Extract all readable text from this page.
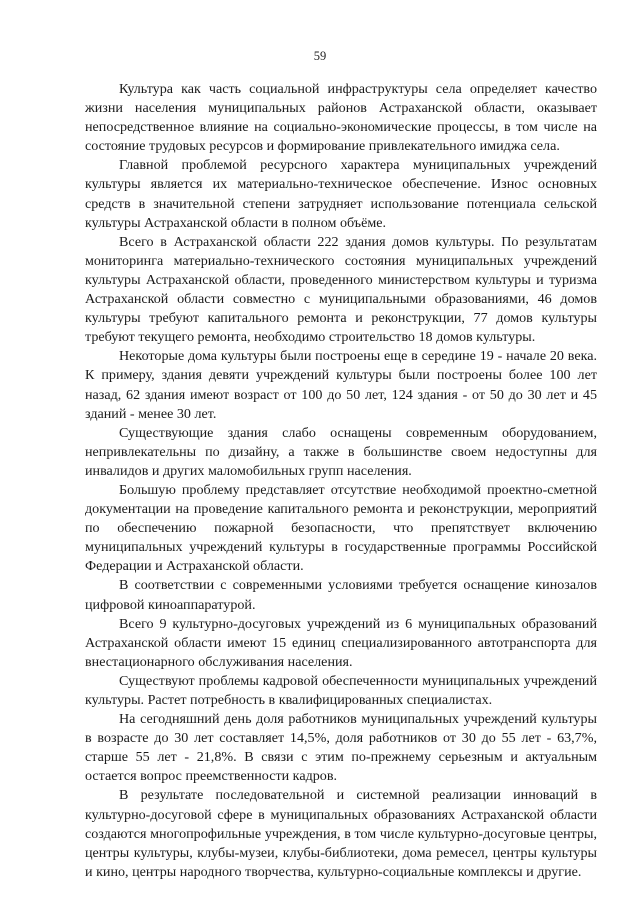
59

Культура как часть социальной инфраструктуры села определяет качество жизни населения муниципальных районов Астраханской области, оказывает непосредственное влияние на социально-экономические процессы, в том числе на состояние трудовых ресурсов и формирование привлекательного имиджа села.

Главной проблемой ресурсного характера муниципальных учреждений культуры является их материально-техническое обеспечение. Износ основных средств в значительной степени затрудняет использование потенциала сельской культуры Астраханской области в полном объёме.

Всего в Астраханской области 222 здания домов культуры. По результатам мониторинга материально-технического состояния муниципальных учреждений культуры Астраханской области, проведенного министерством культуры и туризма Астраханской области совместно с муниципальными образованиями, 46 домов культуры требуют капитального ремонта и реконструкции, 77 домов культуры требуют текущего ремонта, необходимо строительство 18 домов культуры.

Некоторые дома культуры были построены еще в середине 19 - начале 20 века. К примеру, здания девяти учреждений культуры были построены более 100 лет назад, 62 здания имеют возраст от 100 до 50 лет, 124 здания - от 50 до 30 лет и 45 зданий - менее 30 лет.

Существующие здания слабо оснащены современным оборудованием, непривлекательны по дизайну, а также в большинстве своем недоступны для инвалидов и других маломобильных групп населения.

Большую проблему представляет отсутствие необходимой проектно-сметной документации на проведение капитального ремонта и реконструкции, мероприятий по обеспечению пожарной безопасности, что препятствует включению муниципальных учреждений культуры в государственные программы Российской Федерации и Астраханской области.

В соответствии с современными условиями требуется оснащение кинозалов цифровой киноаппаратурой.

Всего 9 культурно-досуговых учреждений из 6 муниципальных образований Астраханской области имеют 15 единиц специализированного автотранспорта для внестационарного обслуживания населения.

Существуют проблемы кадровой обеспеченности муниципальных учреждений культуры. Растет потребность в квалифицированных специалистах.

На сегодняшний день доля работников муниципальных учреждений культуры в возрасте до 30 лет составляет 14,5%, доля работников от 30 до 55 лет - 63,7%, старше 55 лет - 21,8%. В связи с этим по-прежнему серьезным и актуальным остается вопрос преемственности кадров.

В результате последовательной и системной реализации инноваций в культурно-досуговой сфере в муниципальных образованиях Астраханской области создаются многопрофильные учреждения, в том числе культурно-досуговые центры, центры культуры, клубы-музеи, клубы-библиотеки, дома ремесел, центры культуры и кино, центры народного творчества, культурно-социальные комплексы и другие.
